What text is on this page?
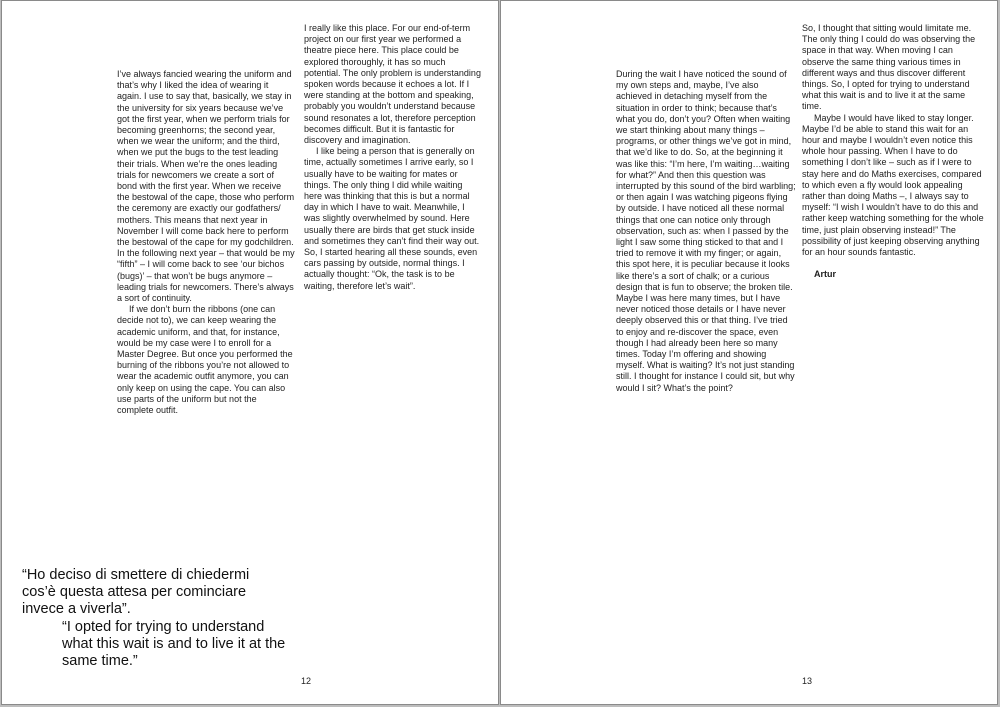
I’ve always fancied wearing the uniform and that’s why I liked the idea of wearing it again. I use to say that, basically, we stay in the university for six years because we’ve got the first year, when we perform trials for becoming greenhorns; the second year, when we wear the uniform; and the third, when we put the bugs to the test leading their trials. When we’re the ones leading trials for newcomers we create a sort of bond with the first year. When we receive the bestowal of the cape, those who perform the ceremony are exactly our godfathers/ mothers. This means that next year in November I will come back here to perform the bestowal of the cape for my godchildren. In the following next year – that would be my “fifth” – I will come back to see ‘our bichos (bugs)’ – that won’t be bugs anymore – leading trials for newcomers. There’s always a sort of continuity.

If we don’t burn the ribbons (one can decide not to), we can keep wearing the academic uniform, and that, for instance, would be my case were I to enroll for a Master Degree. But once you performed the burning of the ribbons you’re not allowed to wear the academic outfit anymore, you can only keep on using the cape. You can also use parts of the uniform but not the complete outfit.

I really like this place. For our end-of-term project on our first year we performed a theatre piece here. This place could be explored thoroughly, it has so much potential. The only problem is understanding spoken words because it echoes a lot. If I were standing at the bottom and speaking, probably you wouldn’t understand because sound resonates a lot, therefore perception becomes difficult. But it is fantastic for discovery and imagination.

I like being a person that is generally on time, actually sometimes I arrive early, so I usually have to be waiting for mates or things. The only thing I did while waiting here was thinking that this is but a normal day in which I have to wait. Meanwhile, I was slightly overwhelmed by sound. Here usually there are birds that get stuck inside and sometimes they can’t find their way out. So, I started hearing all these sounds, even cars passing by outside, normal things. I actually thought: “Ok, the task is to be waiting, therefore let’s wait”.

“Ho deciso di smettere di chiedermi cos’è questa attesa per cominciare invece a viverla”.

“I opted for trying to understand what this wait is and to live it at the same time.”

12

During the wait I have noticed the sound of my own steps and, maybe, I’ve also achieved in detaching myself from the situation in order to think; because that’s what you do, don’t you? Often when waiting we start thinking about many things – programs, or other things we’ve got in mind, that we’d like to do. So, at the beginning it was like this: “I’m here, I’m waiting…waiting for what?” And then this question was interrupted by this sound of the bird warbling; or then again I was watching pigeons flying by outside. I have noticed all these normal things that one can notice only through observation, such as: when I passed by the light I saw some thing sticked to that and I tried to remove it with my finger; or again, this spot here, it is peculiar because it looks like there’s a sort of chalk; or a curious design that is fun to observe; the broken tile. Maybe I was here many times, but I have never noticed those details or I have never deeply observed this or that thing. I’ve tried to enjoy and re-discover the space, even though I had already been here so many times. Today I’m offering and showing myself. What is waiting? It’s not just standing still. I thought for instance I could sit, but why would I sit? What’s the point?

So, I thought that sitting would limitate me. The only thing I could do was observing the space in that way. When moving I can observe the same thing various times in different ways and thus discover different things. So, I opted for trying to understand what this wait is and to live it at the same time.

Maybe I would have liked to stay longer. Maybe I’d be able to stand this wait for an hour and maybe I wouldn’t even notice this whole hour passing. When I have to do something I don’t like – such as if I were to stay here and do Maths exercises, compared to which even a fly would look appealing rather than doing Maths –, I always say to myself: “I wish I wouldn’t have to do this and rather keep watching something for the whole time, just plain observing instead!” The possibility of just keeping observing anything for an hour sounds fantastic.

Artur

13
